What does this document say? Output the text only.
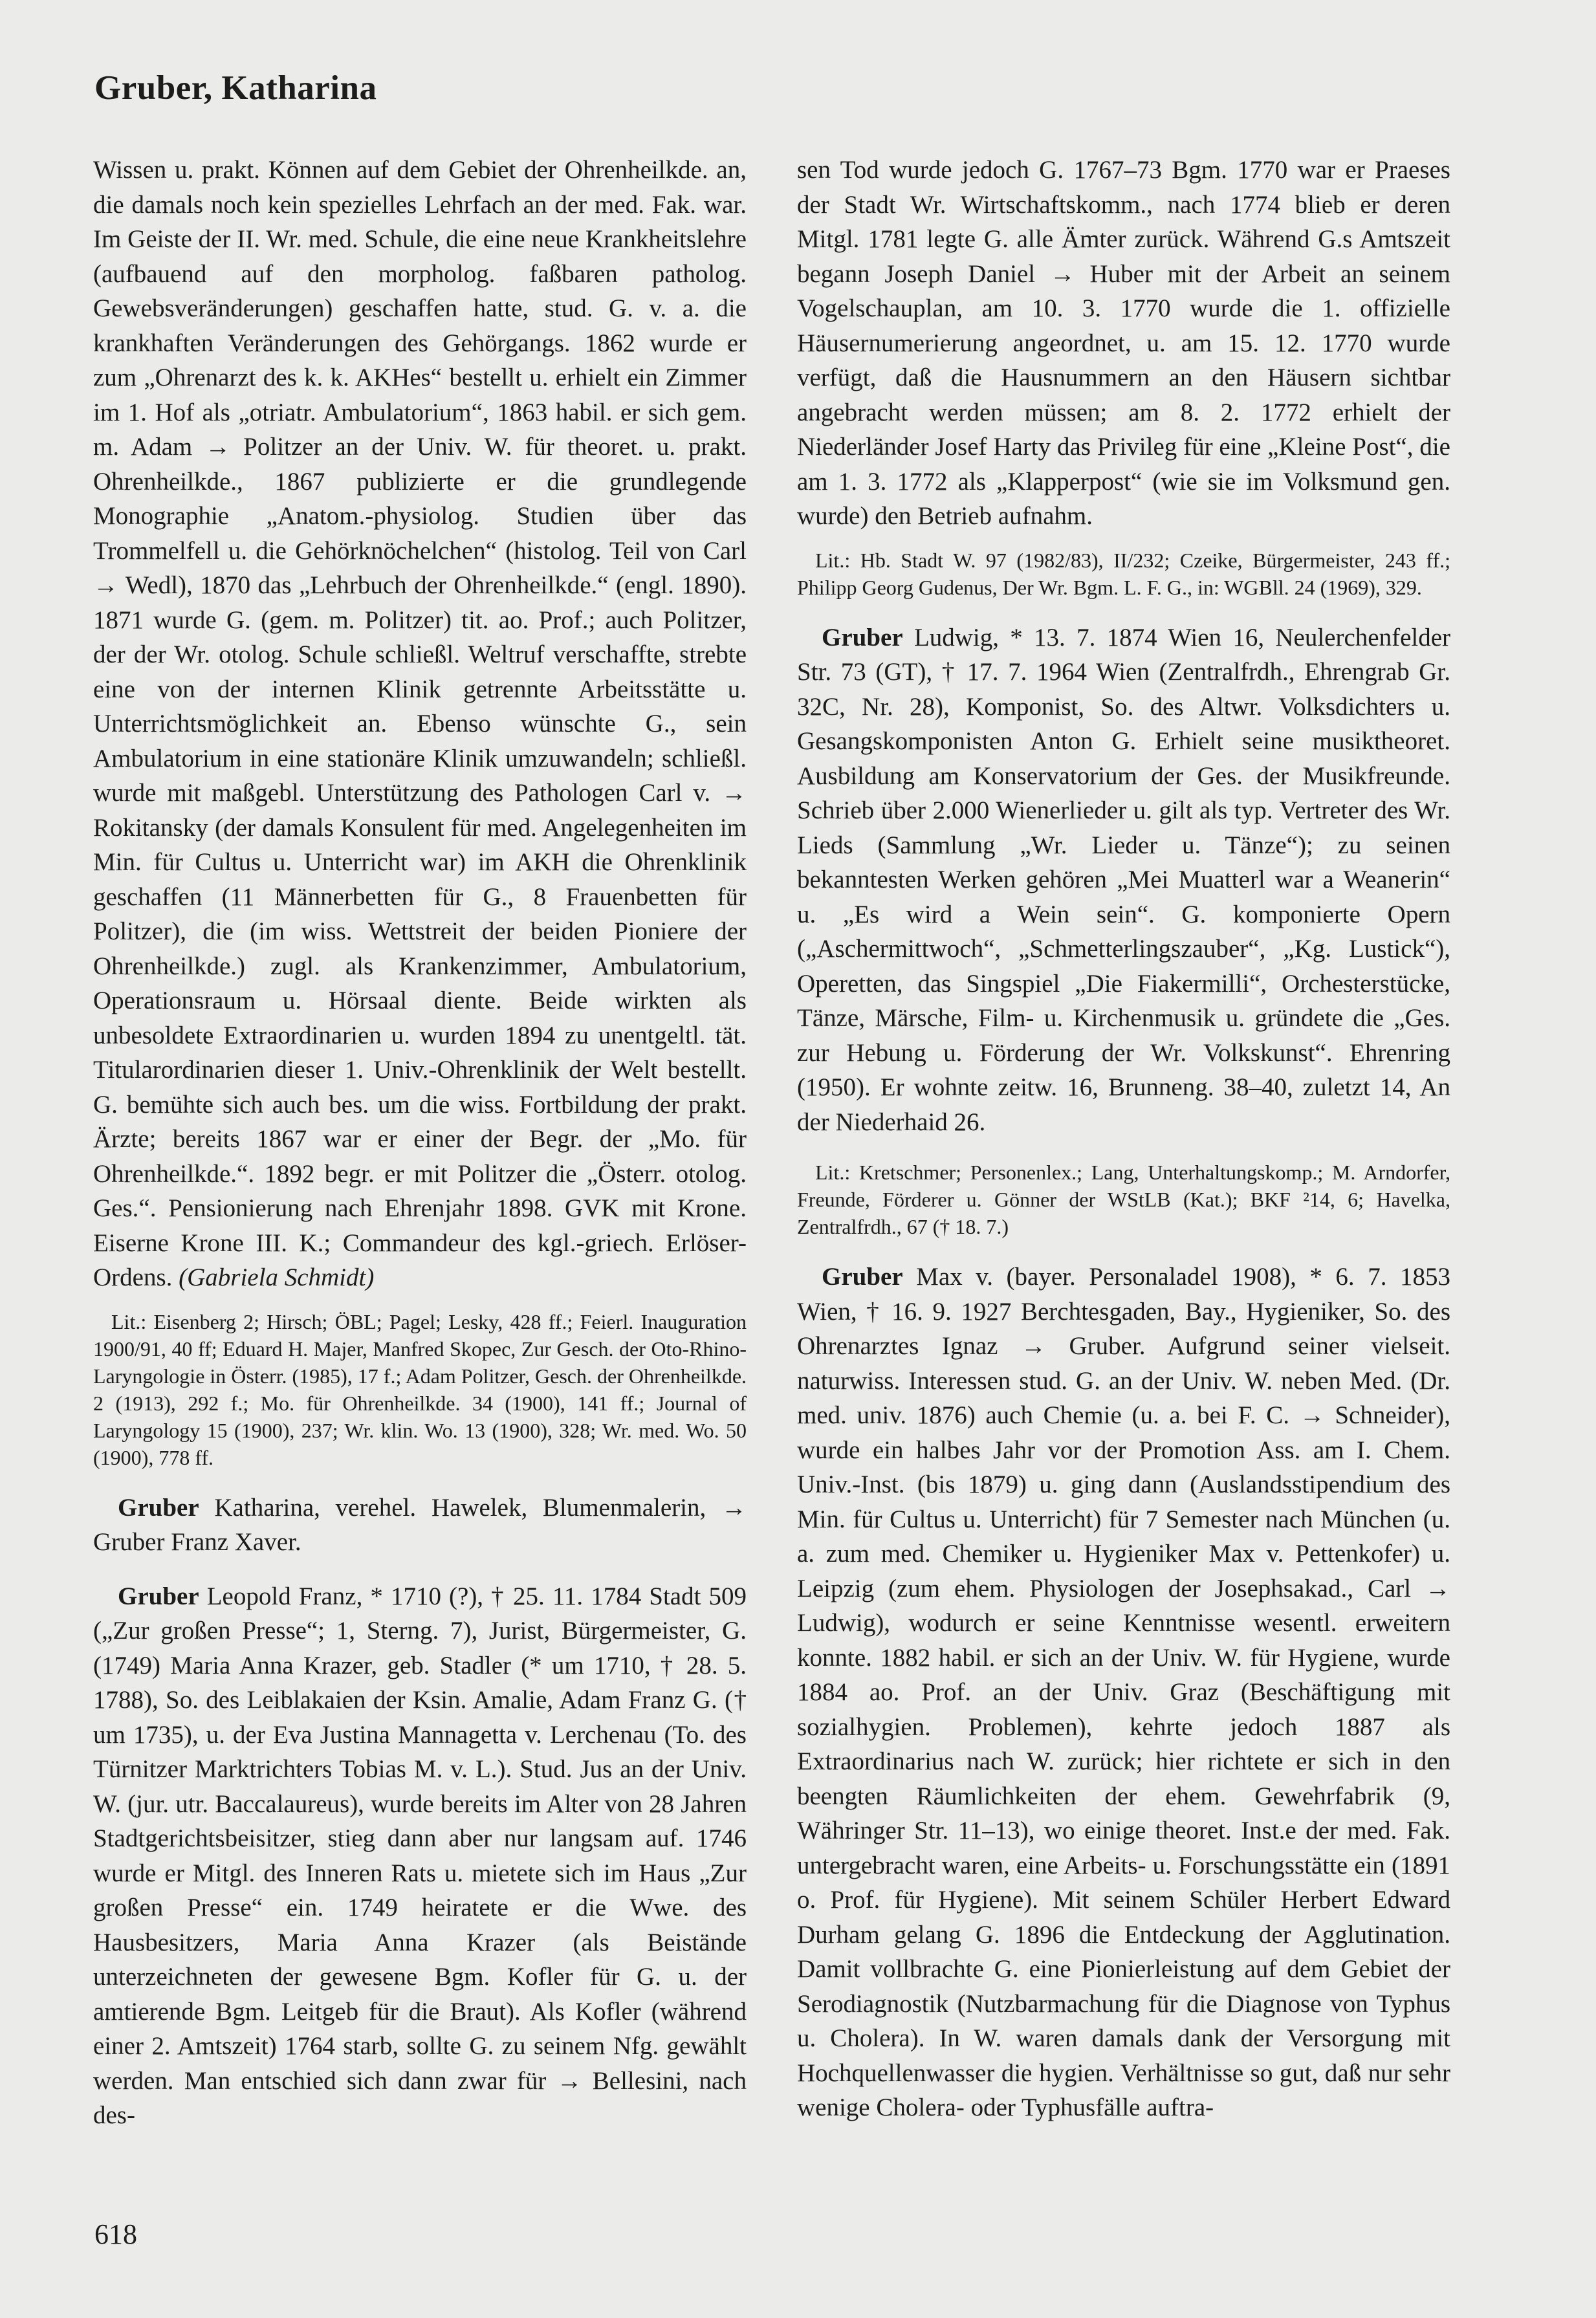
Gruber, Katharina

Wissen u. prakt. Können auf dem Gebiet der Ohrenheilkde. an, die damals noch kein spezielles Lehrfach an der med. Fak. war. Im Geiste der II. Wr. med. Schule, die eine neue Krankheitslehre (aufbauend auf den morpholog. faßbaren patholog. Gewebsveränderungen) geschaffen hatte, stud. G. v. a. die krankhaften Veränderungen des Gehörgangs. 1862 wurde er zum „Ohrenarzt des k. k. AKHes“ bestellt u. erhielt ein Zimmer im 1. Hof als „otriatr. Ambulatorium“, 1863 habil. er sich gem. m. Adam → Politzer an der Univ. W. für theoret. u. prakt. Ohrenheilkde., 1867 publizierte er die grundlegende Monographie „Anatom.-physiolog. Studien über das Trommelfell u. die Gehörknöchelchen“ (histolog. Teil von Carl → Wedl), 1870 das „Lehrbuch der Ohrenheilkde.“ (engl. 1890). 1871 wurde G. (gem. m. Politzer) tit. ao. Prof.; auch Politzer, der der Wr. otolog. Schule schließl. Weltruf verschaffte, strebte eine von der internen Klinik getrennte Arbeitsstätte u. Unterrichtsmöglichkeit an. Ebenso wünschte G., sein Ambulatorium in eine stationäre Klinik umzuwandeln; schließl. wurde mit maßgebl. Unterstützung des Pathologen Carl v. → Rokitansky (der damals Konsulent für med. Angelegenheiten im Min. für Cultus u. Unterricht war) im AKH die Ohrenklinik geschaffen (11 Männerbetten für G., 8 Frauenbetten für Politzer), die (im wiss. Wettstreit der beiden Pioniere der Ohrenheilkde.) zugl. als Krankenzimmer, Ambulatorium, Operationsraum u. Hörsaal diente. Beide wirkten als unbesoldete Extraordinarien u. wurden 1894 zu unentgeltl. tät. Titularordinarien dieser 1. Univ.-Ohrenklinik der Welt bestellt. G. bemühte sich auch bes. um die wiss. Fortbildung der prakt. Ärzte; bereits 1867 war er einer der Begr. der „Mo. für Ohrenheilkde.“. 1892 begr. er mit Politzer die „Österr. otolog. Ges.“. Pensionierung nach Ehrenjahr 1898. GVK mit Krone. Eiserne Krone III. K.; Commandeur des kgl.-griech. Erlöser-Ordens. (Gabriela Schmidt)

Lit.: Eisenberg 2; Hirsch; ÖBL; Pagel; Lesky, 428 ff.; Feierl. Inauguration 1900/91, 40 ff; Eduard H. Majer, Manfred Skopec, Zur Gesch. der Oto-Rhino-Laryngologie in Österr. (1985), 17 f.; Adam Politzer, Gesch. der Ohrenheilkde. 2 (1913), 292 f.; Mo. für Ohrenheilkde. 34 (1900), 141 ff.; Journal of Laryngology 15 (1900), 237; Wr. klin. Wo. 13 (1900), 328; Wr. med. Wo. 50 (1900), 778 ff.

Gruber Katharina, verehel. Hawelek, Blumenmalerin, → Gruber Franz Xaver.

Gruber Leopold Franz, * 1710 (?), † 25. 11. 1784 Stadt 509 („Zur großen Presse“; 1, Sterng. 7), Jurist, Bürgermeister, G. (1749) Maria Anna Krazer, geb. Stadler (* um 1710, † 28. 5. 1788), So. des Leiblakaien der Ksin. Amalie, Adam Franz G. († um 1735), u. der Eva Justina Mannagetta v. Lerchenau (To. des Türnitzer Marktrichters Tobias M. v. L.). Stud. Jus an der Univ. W. (jur. utr. Baccalaureus), wurde bereits im Alter von 28 Jahren Stadtgerichtsbeisitzer, stieg dann aber nur langsam auf. 1746 wurde er Mitgl. des Inneren Rats u. mietete sich im Haus „Zur großen Presse“ ein. 1749 heiratete er die Wwe. des Hausbesitzers, Maria Anna Krazer (als Beistände unterzeichneten der gewesene Bgm. Kofler für G. u. der amtierende Bgm. Leitgeb für die Braut). Als Kofler (während einer 2. Amtszeit) 1764 starb, sollte G. zu seinem Nfg. gewählt werden. Man entschied sich dann zwar für → Bellesini, nach des-

sen Tod wurde jedoch G. 1767–73 Bgm. 1770 war er Praeses der Stadt Wr. Wirtschaftskomm., nach 1774 blieb er deren Mitgl. 1781 legte G. alle Ämter zurück. Während G.s Amtszeit begann Joseph Daniel → Huber mit der Arbeit an seinem Vogelschauplan, am 10. 3. 1770 wurde die 1. offizielle Häusernumerierung angeordnet, u. am 15. 12. 1770 wurde verfügt, daß die Hausnummern an den Häusern sichtbar angebracht werden müssen; am 8. 2. 1772 erhielt der Niederländer Josef Harty das Privileg für eine „Kleine Post“, die am 1. 3. 1772 als „Klapperpost“ (wie sie im Volksmund gen. wurde) den Betrieb aufnahm.

Lit.: Hb. Stadt W. 97 (1982/83), II/232; Czeike, Bürgermeister, 243 ff.; Philipp Georg Gudenus, Der Wr. Bgm. L. F. G., in: WGBll. 24 (1969), 329.

Gruber Ludwig, * 13. 7. 1874 Wien 16, Neulerchenfelder Str. 73 (GT), † 17. 7. 1964 Wien (Zentralfrdh., Ehrengrab Gr. 32C, Nr. 28), Komponist, So. des Altwr. Volksdichters u. Gesangskomponisten Anton G. Erhielt seine musiktheoret. Ausbildung am Konservatorium der Ges. der Musikfreunde. Schrieb über 2.000 Wienerlieder u. gilt als typ. Vertreter des Wr. Lieds (Sammlung „Wr. Lieder u. Tänze“); zu seinen bekanntesten Werken gehören „Mei Muatterl war a Weanerin“ u. „Es wird a Wein sein“. G. komponierte Opern („Aschermittwoch“, „Schmetterlingszauber“, „Kg. Lustick“), Operetten, das Singspiel „Die Fiakermilli“, Orchesterstücke, Tänze, Märsche, Film- u. Kirchenmusik u. gründete die „Ges. zur Hebung u. Förderung der Wr. Volkskunst“. Ehrenring (1950). Er wohnte zeitw. 16, Brunneng. 38–40, zuletzt 14, An der Niederhaid 26.

Lit.: Kretschmer; Personenlex.; Lang, Unterhaltungskomp.; M. Arndorfer, Freunde, Förderer u. Gönner der WStLB (Kat.); BKF ²14, 6; Havelka, Zentralfrdh., 67 († 18. 7.)

Gruber Max v. (bayer. Personaladel 1908), * 6. 7. 1853 Wien, † 16. 9. 1927 Berchtesgaden, Bay., Hygieniker, So. des Ohrenarztes Ignaz → Gruber. Aufgrund seiner vielseit. naturwiss. Interessen stud. G. an der Univ. W. neben Med. (Dr. med. univ. 1876) auch Chemie (u. a. bei F. C. → Schneider), wurde ein halbes Jahr vor der Promotion Ass. am I. Chem. Univ.-Inst. (bis 1879) u. ging dann (Auslandsstipendium des Min. für Cultus u. Unterricht) für 7 Semester nach München (u. a. zum med. Chemiker u. Hygieniker Max v. Pettenkofer) u. Leipzig (zum ehem. Physiologen der Josephsakad., Carl → Ludwig), wodurch er seine Kenntnisse wesentl. erweitern konnte. 1882 habil. er sich an der Univ. W. für Hygiene, wurde 1884 ao. Prof. an der Univ. Graz (Beschäftigung mit sozialhygien. Problemen), kehrte jedoch 1887 als Extraordinarius nach W. zurück; hier richtete er sich in den beengten Räumlichkeiten der ehem. Gewehrfabrik (9, Währinger Str. 11–13), wo einige theoret. Inst.e der med. Fak. untergebracht waren, eine Arbeits- u. Forschungsstätte ein (1891 o. Prof. für Hygiene). Mit seinem Schüler Herbert Edward Durham gelang G. 1896 die Entdeckung der Agglutination. Damit vollbrachte G. eine Pionierleistung auf dem Gebiet der Serodiagnostik (Nutzbarmachung für die Diagnose von Typhus u. Cholera). In W. waren damals dank der Versorgung mit Hochquellenwasser die hygien. Verhältnisse so gut, daß nur sehr wenige Cholera- oder Typhusfälle auftra-

618
